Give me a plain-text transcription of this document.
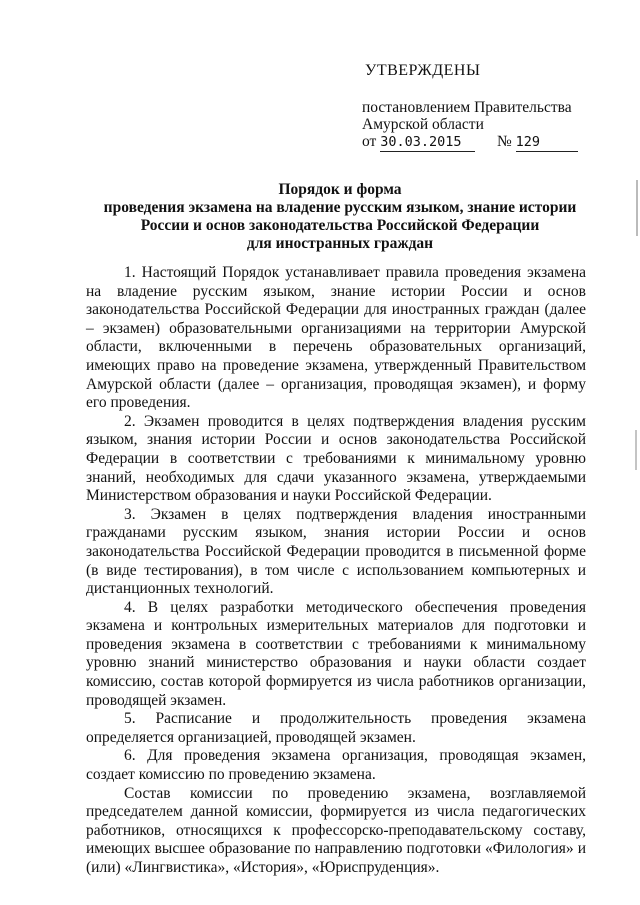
УТВЕРЖДЕНЫ
постановлением Правительства
Амурской области
от 30.03.2015 № 129
Порядок и форма
проведения экзамена на владение русским языком, знание истории
России и основ законодательства Российской Федерации
для иностранных граждан

1. Настоящий Порядок устанавливает правила проведения экзамена на владение русским языком, знание истории России и основ законодательства Российской Федерации для иностранных граждан (далее – экзамен) образовательными организациями на территории Амурской области, включенными в перечень образовательных организаций, имеющих право на проведение экзамена, утвержденный Правительством Амурской области (далее – организация, проводящая экзамен), и форму его проведения.

2. Экзамен проводится в целях подтверждения владения русским языком, знания истории России и основ законодательства Российской Федерации в соответствии с требованиями к минимальному уровню знаний, необходимых для сдачи указанного экзамена, утверждаемыми Министерством образования и науки Российской Федерации.

3. Экзамен в целях подтверждения владения иностранными гражданами русским языком, знания истории России и основ законодательства Российской Федерации проводится в письменной форме (в виде тестирования), в том числе с использованием компьютерных и дистанционных технологий.

4. В целях разработки методического обеспечения проведения экзамена и контрольных измерительных материалов для подготовки и проведения экзамена в соответствии с требованиями к минимальному уровню знаний министерство образования и науки области создает комиссию, состав которой формируется из числа работников организации, проводящей экзамен.

5. Расписание и продолжительность проведения экзамена определяется организацией, проводящей экзамен.

6. Для проведения экзамена организация, проводящая экзамен, создает комиссию по проведению экзамена.

Состав комиссии по проведению экзамена, возглавляемой председателем данной комиссии, формируется из числа педагогических работников, относящихся к профессорско-преподавательскому составу, имеющих высшее образование по направлению подготовки «Филология» и (или) «Лингвистика», «История», «Юриспруденция».
